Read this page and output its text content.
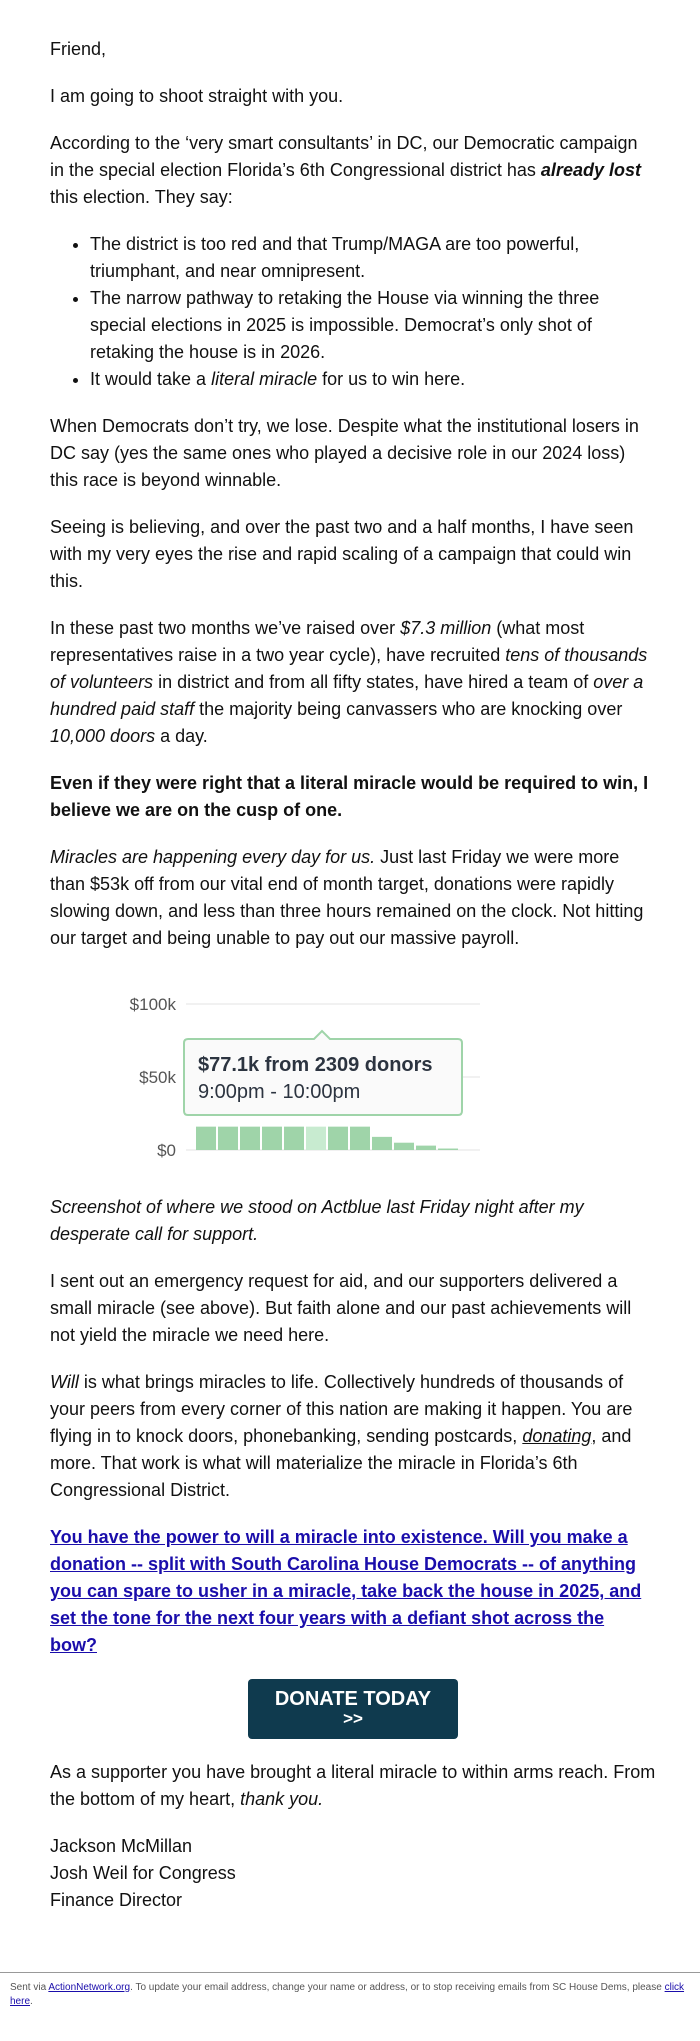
Friend,

I am going to shoot straight with you.

According to the ‘very smart consultants’ in DC, our Democratic campaign in the special election Florida’s 6th Congressional district has already lost this election. They say:

• The district is too red and that Trump/MAGA are too powerful, triumphant, and near omnipresent.
• The narrow pathway to retaking the House via winning the three special elections in 2025 is impossible. Democrat’s only shot of retaking the house is in 2026.
• It would take a literal miracle for us to win here.

When Democrats don’t try, we lose. Despite what the institutional losers in DC say (yes the same ones who played a decisive role in our 2024 loss) this race is beyond winnable.

Seeing is believing, and over the past two and a half months, I have seen with my very eyes the rise and rapid scaling of a campaign that could win this.

In these past two months we’ve raised over $7.3 million (what most representatives raise in a two year cycle), have recruited tens of thousands of volunteers in district and from all fifty states, have hired a team of over a hundred paid staff the majority being canvassers who are knocking over 10,000 doors a day.

Even if they were right that a literal miracle would be required to win, I believe we are on the cusp of one.

Miracles are happening every day for us. Just last Friday we were more than $53k off from our vital end of month target, donations were rapidly slowing down, and less than three hours remained on the clock. Not hitting our target and being unable to pay out our massive payroll.

$100k
$50k
$0
$77.1k from 2309 donors
9:00pm - 10:00pm

Screenshot of where we stood on Actblue last Friday night after my desperate call for support.

I sent out an emergency request for aid, and our supporters delivered a small miracle (see above). But faith alone and our past achievements will not yield the miracle we need here.

Will is what brings miracles to life. Collectively hundreds of thousands of your peers from every corner of this nation are making it happen. You are flying in to knock doors, phonebanking, sending postcards, donating, and more. That work is what will materialize the miracle in Florida’s 6th Congressional District.

You have the power to will a miracle into existence. Will you make a donation -- split with South Carolina House Democrats -- of anything you can spare to usher in a miracle, take back the house in 2025, and set the tone for the next four years with a defiant shot across the bow?

DONATE TODAY
>>

As a supporter you have brought a literal miracle to within arms reach. From the bottom of my heart, thank you.

Jackson McMillan

Josh Weil for Congress

Finance Director

Sent via ActionNetwork.org. To update your email address, change your name or address, or to stop receiving emails from SC House Dems, please click here.
